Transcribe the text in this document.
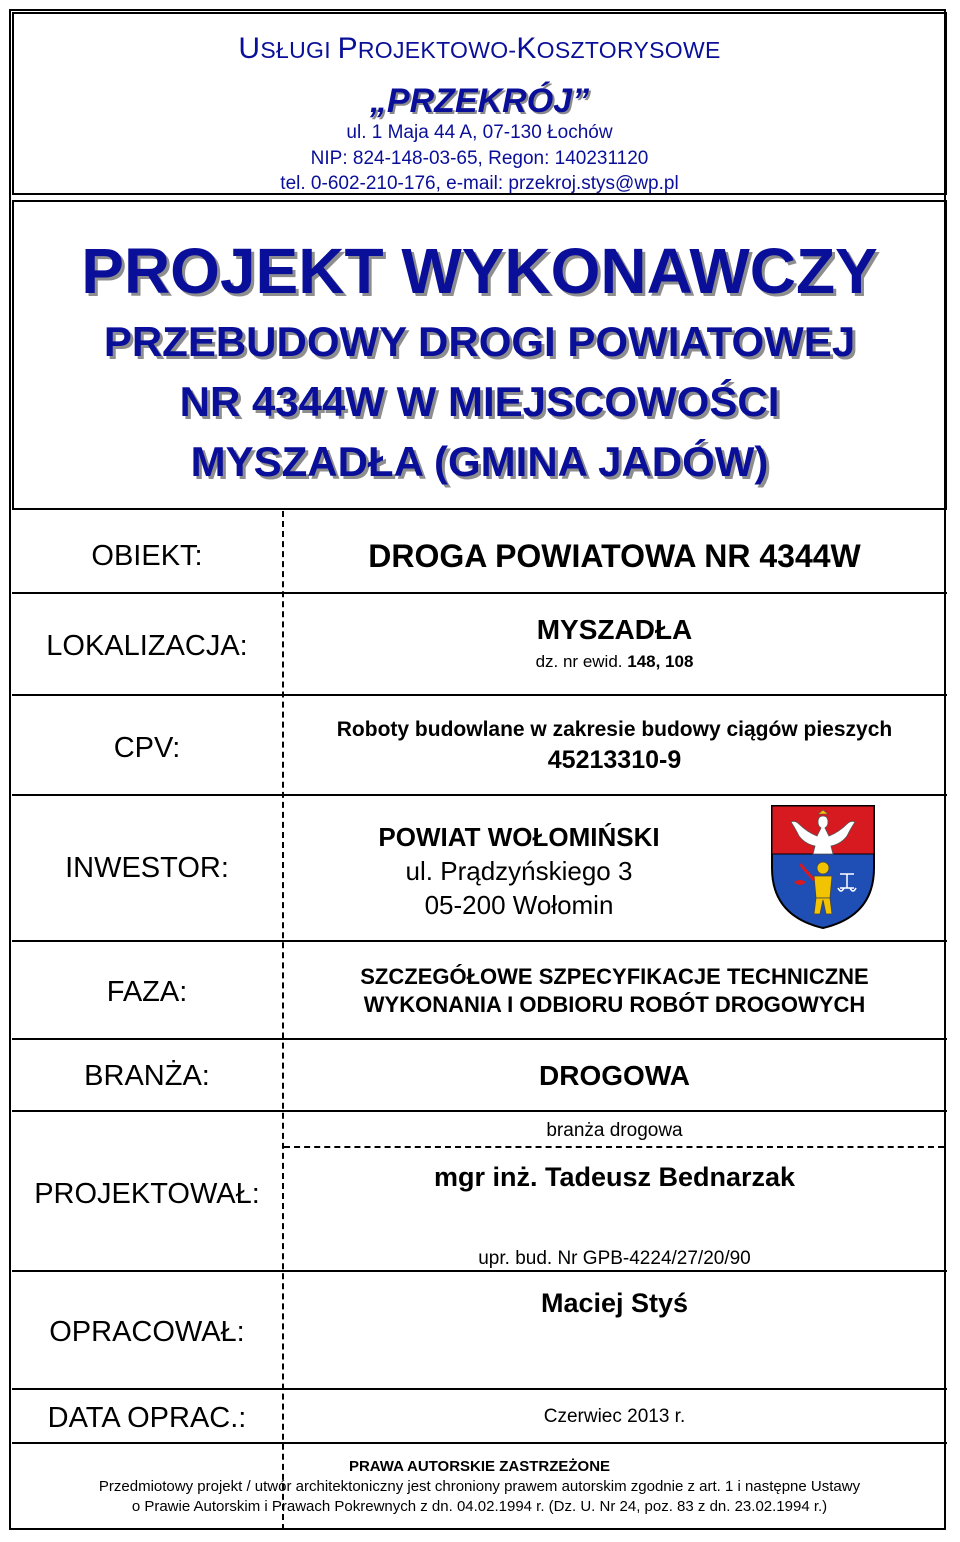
USŁUGI PROJEKTOWO-KOSZTORYSOWE
„PRZEKRÓJ”
ul. 1 Maja 44 A, 07-130 Łochów
NIP: 824-148-03-65, Regon: 140231120
tel. 0-602-210-176, e-mail: przekroj.stys@wp.pl
PROJEKT WYKONAWCZY
PRZEBUDOWY DROGI POWIATOWEJ
NR 4344W W MIEJSCOWOŚCI
MYSZADŁA (GMINA JADÓW)
OBIEKT:	DROGA POWIATOWA NR 4344W
LOKALIZACJA:
MYSZADŁA
dz. nr ewid. 148, 108
CPV:
Roboty budowlane w zakresie budowy ciągów pieszych
45213310-9
INWESTOR:
POWIAT WOŁOMIŃSKI
ul. Prądzyńskiego 3
05-200 Wołomin
FAZA:	SZCZEGÓŁOWE SZPECYFIKACJE TECHNICZNE
WYKONANIA I ODBIORU ROBÓT DROGOWYCH
BRANŻA:	DROGOWA
PROJEKTOWAŁ:
branża drogowa
mgr inż. Tadeusz Bednarzak
upr. bud. Nr GPB-4224/27/20/90
OPRACOWAŁ:
Maciej Styś
DATA OPRAC.:	Czerwiec 2013 r.
PRAWA AUTORSKIE ZASTRZEŻONE
Przedmiotowy projekt / utwór architektoniczny jest chroniony prawem autorskim zgodnie z art. 1 i następne Ustawy
o Prawie Autorskim i Prawach Pokrewnych z dn. 04.02.1994 r. (Dz. U. Nr 24, poz. 83 z dn. 23.02.1994 r.)
